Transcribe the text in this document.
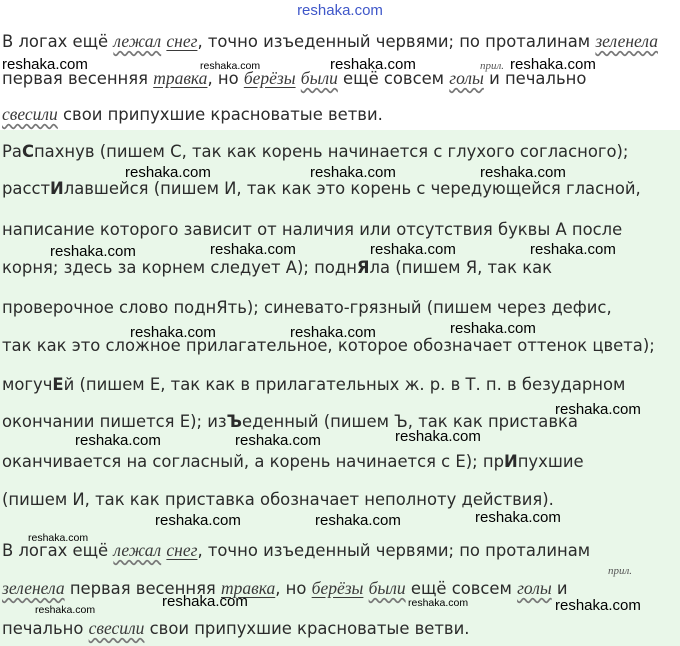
reshaka.com
В логах ещё лежал снег, точно изъеденный червями; по проталинам зеленела
прил.
первая весенняя травка, но берёзы были ещё совсем голы и печально
свесили свои припухшие красноватые ветви.
reshaka.com	reshaka.com	reshaka.com	reshaka.com
РаСпахнув (пишем С, так как корень начинается с глухого согласного);
расстИлавшейся (пишем И, так как это корень с чередующейся гласной,
написание которого зависит от наличия или отсутствия буквы А после
корня; здесь за корнем следует А); поднЯла (пишем Я, так как
проверочное слово поднЯть); синевато-грязный (пишем через дефис,
так как это сложное прилагательное, которое обозначает оттенок цвета);
могучЕй (пишем Е, так как в прилагательных ж. р. в Т. п. в безударном
окончании пишется Е); изЪеденный (пишем Ъ, так как приставка
оканчивается на согласный, а корень начинается с Е); прИпухшие
(пишем И, так как приставка обозначает неполноту действия).
В логах ещё лежал снег, точно изъеденный червями; по проталинам
прил.
зеленела первая весенняя травка, но берёзы были ещё совсем голы и
печально свесили свои припухшие красноватые ветви.
reshaka.com	reshaka.com	reshaka.com
reshaka.com	reshaka.com	reshaka.com	reshaka.com
reshaka.com	reshaka.com	reshaka.com
reshaka.com
reshaka.com	reshaka.com	reshaka.com
reshaka.com
reshaka.com
reshaka.com	reshaka.com
reshaka.com	reshaka.com	reshaka.com
reshaka.com
